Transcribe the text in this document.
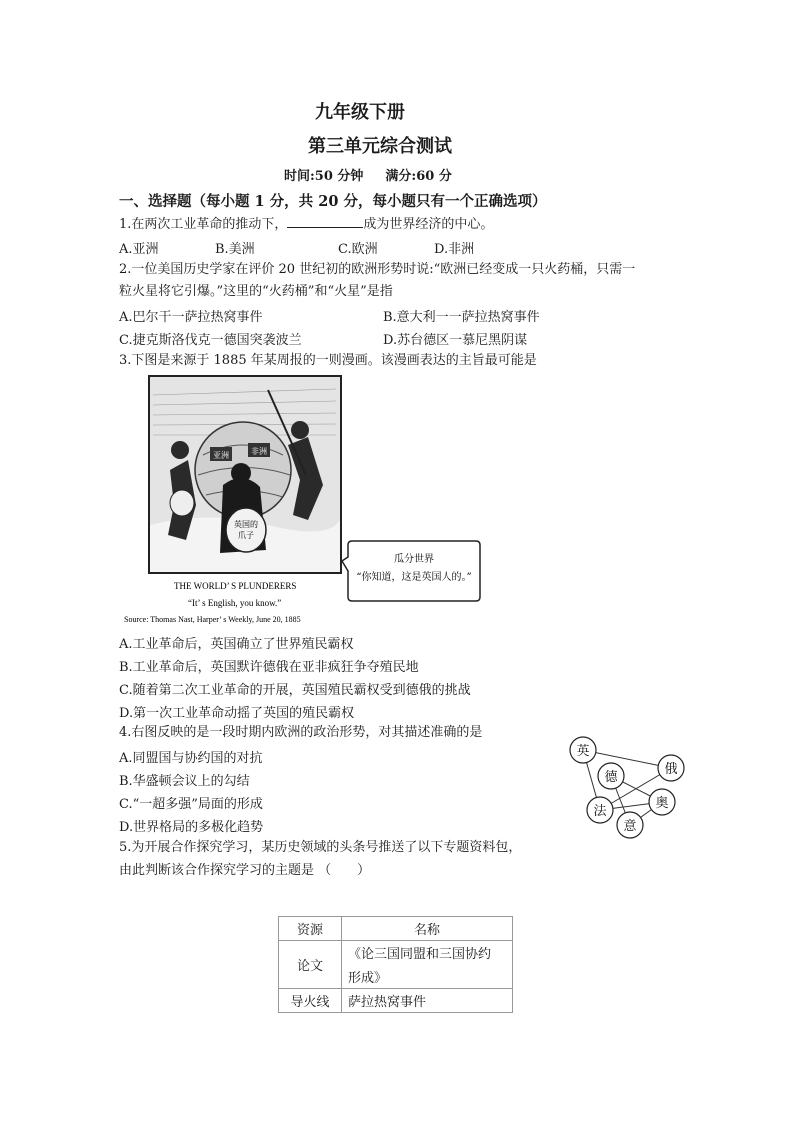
九年级下册
第三单元综合测试
时间:50 分钟 满分:60 分
一、选择题（每小题 1 分，共 20 分，每小题只有一个正确选项）
1.在两次工业革命的推动下，	成为世界经济的中心。
A.亚洲	B.美洲	C.欧洲	D.非洲
2.一位美国历史学家在评价 20 世纪初的欧洲形势时说:“欧洲已经变成一只火药桶，只需一
粒火星将它引爆。”这里的“火药桶”和“火星”是指
A.巴尔干一萨拉热窝事件	B.意大利一一萨拉热窝事件
C.捷克斯洛伐克一德国突袭波兰	D.苏台德区一慕尼黑阴谋
3.下图是来源于 1885 年某周报的一则漫画。该漫画表达的主旨最可能是
亚洲	非洲
英国的
爪子
瓜分世界
“你知道，这是英国人的。”
THE WORLD’ S PLUNDERERS
“It’ s English, you know.”
Source: Thomas Nast, Harper’ s Weekly, June 20, 1885
A.工业革命后，英国确立了世界殖民霸权
B.工业革命后，英国默许德俄在亚非疯狂争夺殖民地
C.随着第二次工业革命的开展，英国殖民霸权受到德俄的挑战
D.第一次工业革命动摇了英国的殖民霸权
4.右图反映的是一段时期内欧洲的政治形势，对其描述准确的是
A.同盟国与协约国的对抗
B.华盛顿会议上的勾结
C.“一超多强”局面的形成
D.世界格局的多极化趋势
英
德
俄
法
奥
意
5.为开展合作探究学习，某历史领域的头条号推送了以下专题资料包，
由此判断该合作探究学习的主题是 （　　）
资源	名称
论文	《论三国同盟和三国协约
形成》

导火线	萨拉热窝事件
